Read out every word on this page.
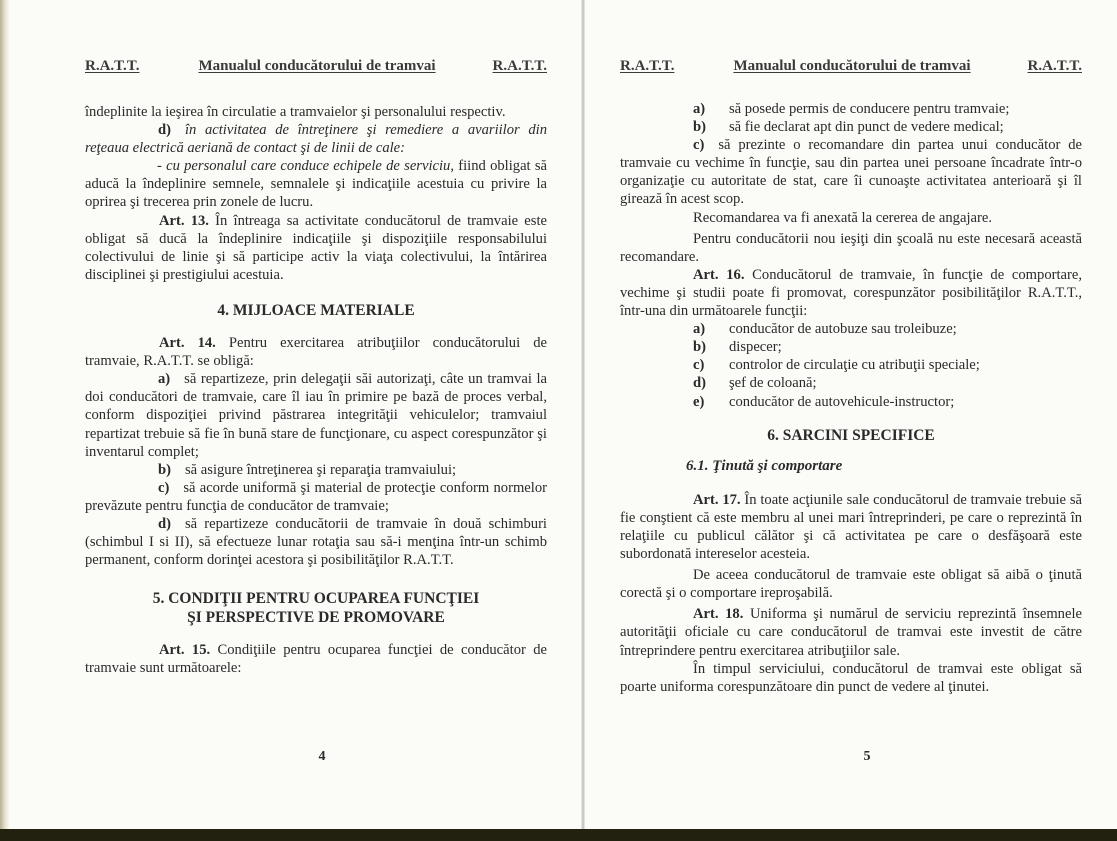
R.A.T.T.	Manualul conducătorului de tramvai	R.A.T.T.

îndeplinite la ieşirea în circulatie a tramvaielor şi personalului respectiv.

d) în activitatea de întreţinere şi remediere a avariilor din reţeaua electrică aeriană de contact şi de linii de cale:

- cu personalul care conduce echipele de serviciu, fiind obligat să aducă la îndeplinire semnele, semnalele şi indicaţiile acestuia cu privire la oprirea şi trecerea prin zonele de lucru.

Art. 13. În întreaga sa activitate conducătorul de tramvaie este obligat să ducă la îndeplinire indicaţiile şi dispoziţiile responsabilului colectivului de linie şi să participe activ la viaţa colectivului, la întărirea disciplinei şi prestigiului acestuia.

4. MIJLOACE MATERIALE

Art. 14. Pentru exercitarea atribuţiilor conducătorului de tramvaie, R.A.T.T. se obligă:

a) să repartizeze, prin delegaţii săi autorizaţi, câte un tramvai la doi conducători de tramvaie, care îl iau în primire pe bază de proces verbal, conform dispoziţiei privind păstrarea integrităţii vehiculelor; tramvaiul repartizat trebuie să fie în bună stare de funcţionare, cu aspect corespunzător şi inventarul complet;

b) să asigure întreţinerea şi reparaţia tramvaiului;

c) să acorde uniformă şi material de protecţie conform normelor prevăzute pentru funcţia de conducător de tramvaie;

d) să repartizeze conducătorii de tramvaie în două schimburi (schimbul I si II), să efectueze lunar rotaţia sau să-i menţina într-un schimb permanent, conform dorinţei acestora şi posibilităţilor R.A.T.T.

5. CONDIŢII PENTRU OCUPAREA FUNCŢIEI
ŞI PERSPECTIVE DE PROMOVARE

Art. 15. Condiţiile pentru ocuparea funcţiei de conducător de tramvaie sunt următoarele:

4
R.A.T.T.	Manualul conducătorului de tramvai	R.A.T.T.
a)	să posede permis de conducere pentru tramvaie;
b)	să fie declarat apt din punct de vedere medical;

c) să prezinte o recomandare din partea unui conducător de tramvaie cu vechime în funcţie, sau din partea unei persoane încadrate într-o organizaţie cu autoritate de stat, care îi cunoaşte activitatea anterioară şi îl girează în acest scop.

Recomandarea va fi anexată la cererea de angajare.

Pentru conducătorii nou ieşiţi din şcoală nu este necesară această recomandare.

Art. 16. Conducătorul de tramvaie, în funcţie de comportare, vechime şi studii poate fi promovat, corespunzător posibilităţilor R.A.T.T., într-una din următoarele funcţii:

a)	conducător de autobuze sau troleibuze;
b)	dispecer;
c)	controlor de circulaţie cu atribuţii speciale;
d)	şef de coloană;
e)	conducător de autovehicule-instructor;
6. SARCINI SPECIFICE
6.1. Ţinută şi comportare

Art. 17. În toate acţiunile sale conducătorul de tramvaie trebuie să fie conştient că este membru al unei mari întreprinderi, pe care o reprezintă în relaţiile cu publicul călător şi că activitatea pe care o desfăşoară este subordonată intereselor acesteia.

De aceea conducătorul de tramvaie este obligat să aibă o ţinută corectă şi o comportare ireproşabilă.

Art. 18. Uniforma şi numărul de serviciu reprezintă însemnele autorităţii oficiale cu care conducătorul de tramvai este investit de către întreprindere pentru exercitarea atribuţiilor sale.

În timpul serviciului, conducătorul de tramvai este obligat să poarte uniforma corespunzătoare din punct de vedere al ţinutei.

5
